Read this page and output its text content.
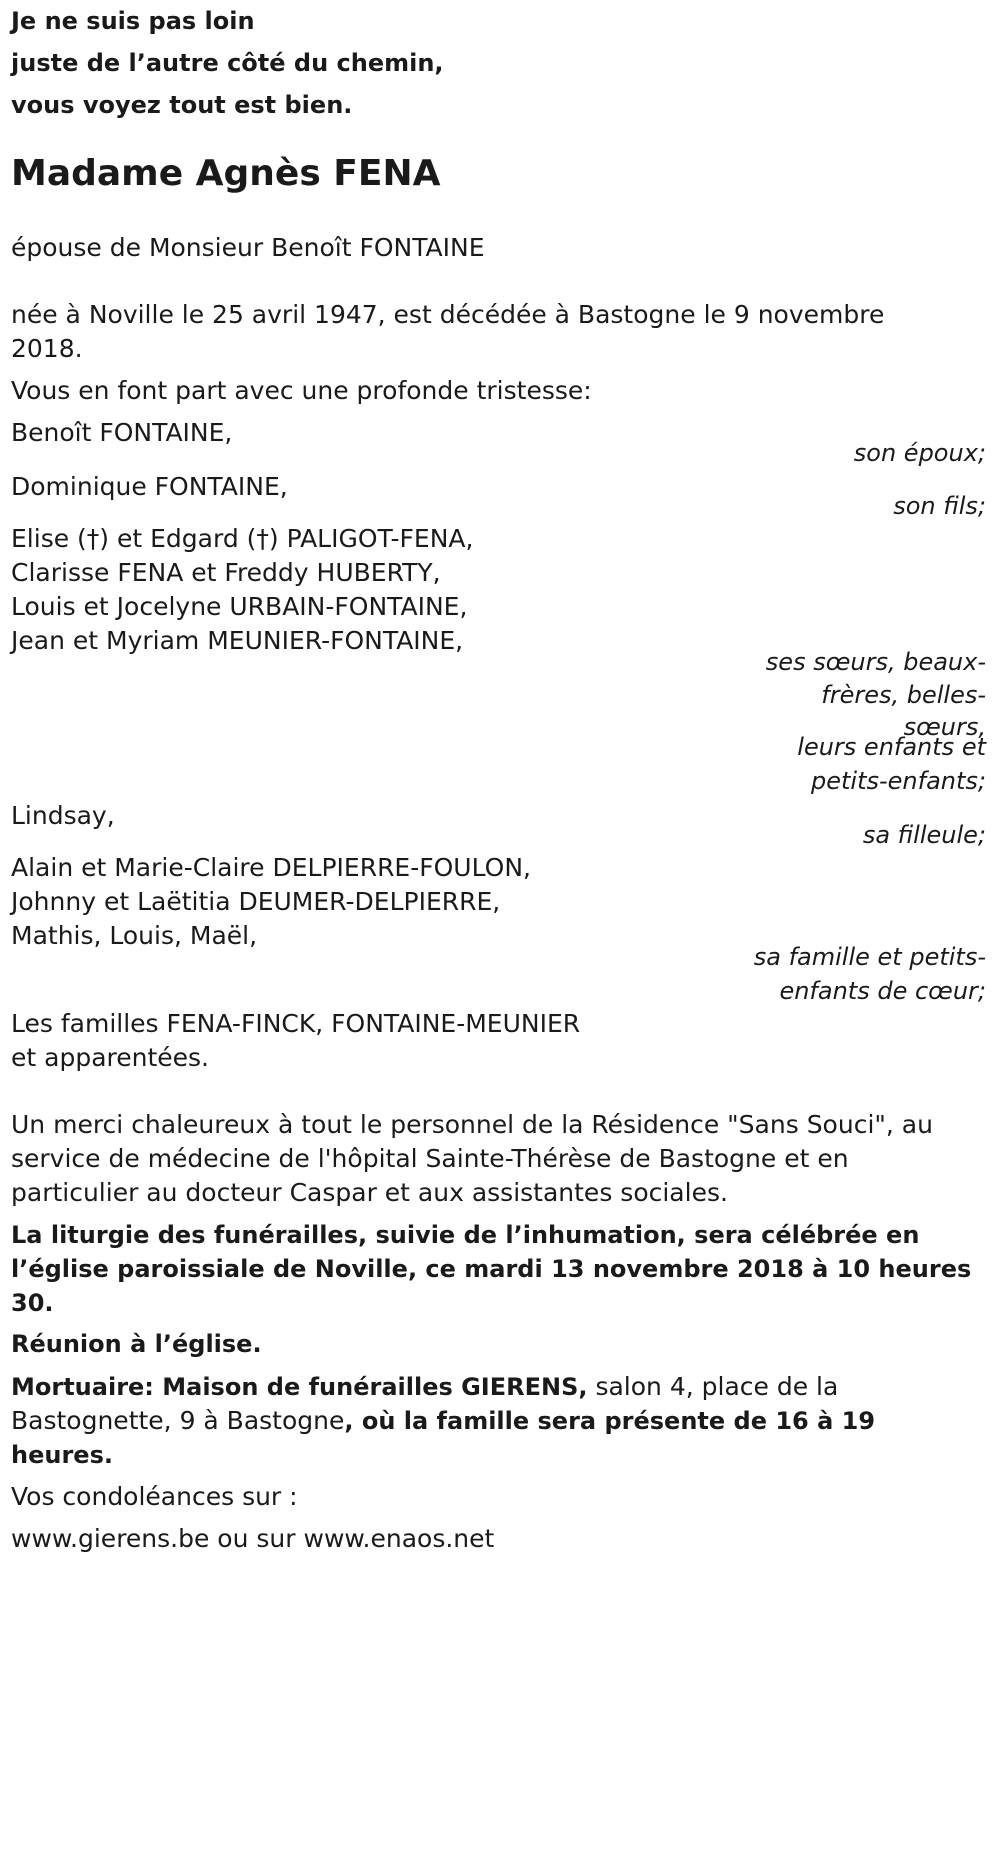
Je ne suis pas loin
juste de l’autre côté du chemin,
vous voyez tout est bien.
Madame Agnès FENA
épouse de Monsieur Benoît FONTAINE
née à Noville le 25 avril 1947, est décédée à Bastogne le 9 novembre
2018.
Vous en font part avec une profonde tristesse:
Benoît FONTAINE,
son époux;
Dominique FONTAINE,
son fils;
Elise (†) et Edgard (†) PALIGOT-FENA,
Clarisse FENA et Freddy HUBERTY,
Louis et Jocelyne URBAIN-FONTAINE,
Jean et Myriam MEUNIER-FONTAINE,
ses sœurs, beaux-
frères, belles-
sœurs,
leurs enfants et
petits-enfants;
Lindsay,
sa filleule;
Alain et Marie-Claire DELPIERRE-FOULON,
Johnny et Laëtitia DEUMER-DELPIERRE,
Mathis, Louis, Maël,
sa famille et petits-
enfants de cœur;
Les familles FENA-FINCK, FONTAINE-MEUNIER
et apparentées.
Un merci chaleureux à tout le personnel de la Résidence "Sans Souci", au
service de médecine de l'hôpital Sainte-Thérèse de Bastogne et en
particulier au docteur Caspar et aux assistantes sociales.
La liturgie des funérailles, suivie de l’inhumation, sera célébrée en
l’église paroissiale de Noville, ce mardi 13 novembre 2018 à 10 heures
30.
Réunion à l’église.
Mortuaire: Maison de funérailles GIERENS, salon 4, place de la
Bastognette, 9 à Bastogne, où la famille sera présente de 16 à 19
heures.
Vos condoléances sur :
www.gierens.be ou sur www.enaos.net
